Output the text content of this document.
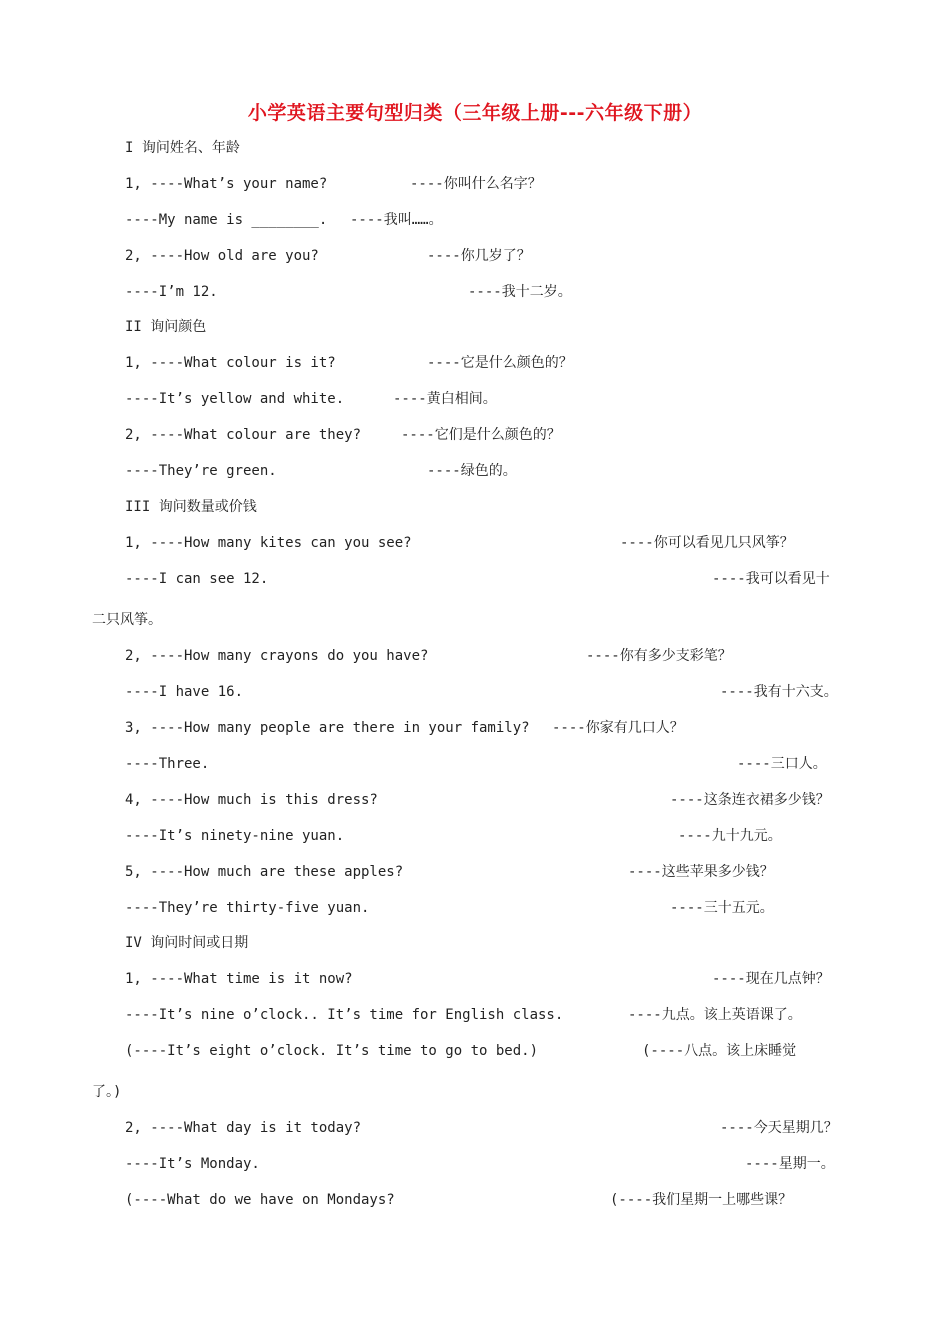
小学英语主要句型归类（三年级上册---六年级下册）
I 询问姓名、年龄
1, ----What’s your name?	----你叫什么名字？
----My name is ________. ----我叫……。
2, ----How old are you?	----你几岁了？
----I’m 12.	----我十二岁。
II 询问颜色
1, ----What colour is it?	----它是什么颜色的？
----It’s yellow and white.	----黄白相间。
2, ----What colour are they?	----它们是什么颜色的？
----They’re green.	----绿色的。
III 询问数量或价钱
1, ----How many kites can you see?	----你可以看见几只风筝？
----I can see 12.	----我可以看见十
二只风筝。
2, ----How many crayons do you have?	----你有多少支彩笔？
----I have 16.	----我有十六支。
3, ----How many people are there in your family? ----你家有几口人？
----Three.	----三口人。
4, ----How much is this dress?	----这条连衣裙多少钱？
----It’s ninety-nine yuan.	----九十九元。
5, ----How much are these apples?	----这些苹果多少钱？
----They’re thirty-five yuan.	----三十五元。
IV 询问时间或日期
1, ----What time is it now?	----现在几点钟？
----It’s nine o’clock.. It’s time for English class.	----九点。该上英语课了。
(----It’s eight o’clock. It’s time to go to bed.)	(----八点。该上床睡觉
了。)
2, ----What day is it today?	----今天星期几？
----It’s Monday.	----星期一。
(----What do we have on Mondays?	(----我们星期一上哪些课？
